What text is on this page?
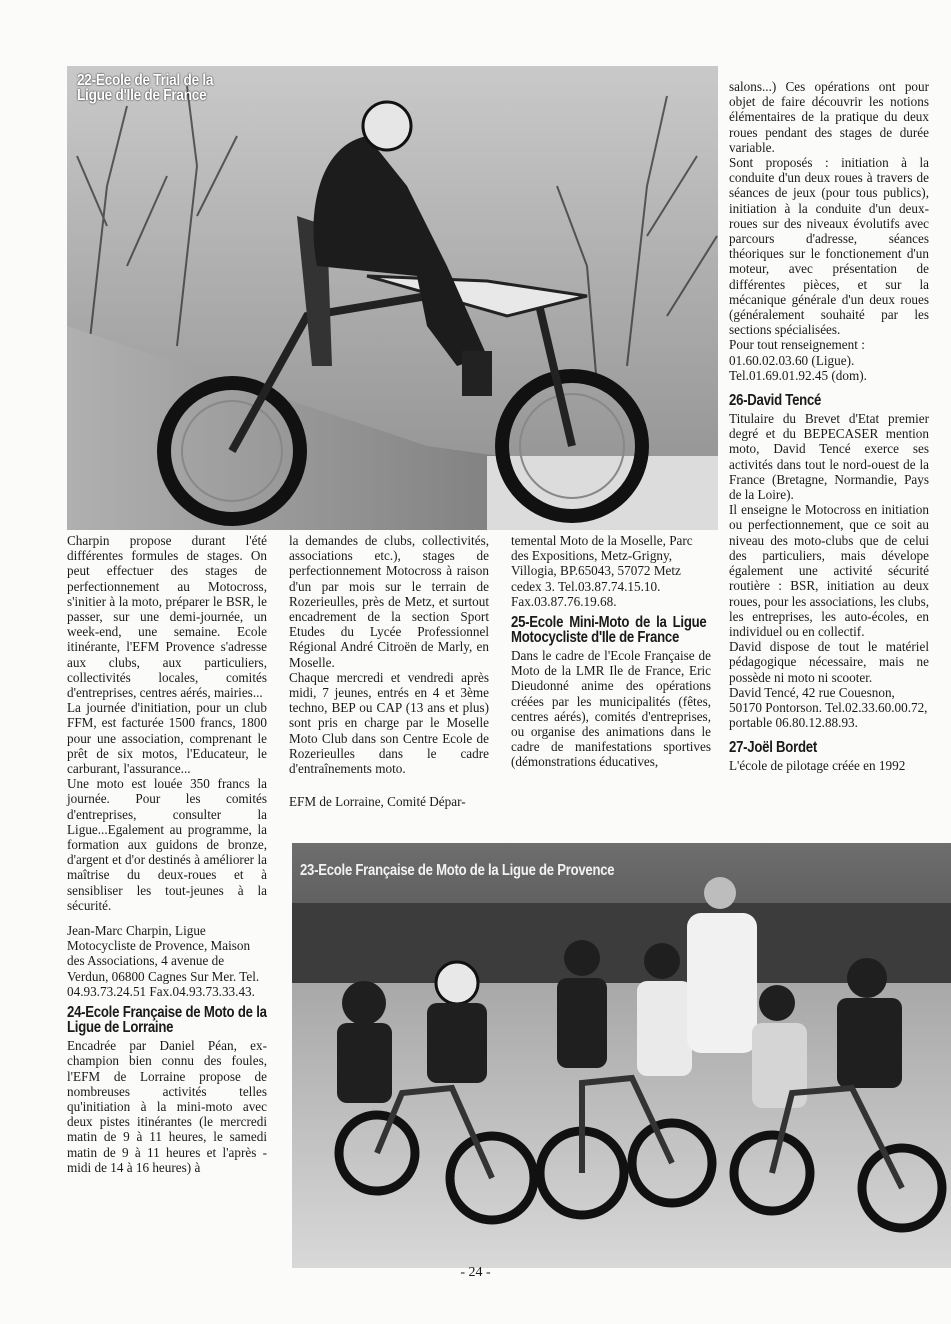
22-Ecole de Trial de la Ligue d'Ile de France
23-Ecole Française de Moto de la Ligue de Provence

Charpin propose durant l'été différentes formules de stages. On peut effectuer des stages de perfectionnement au Motocross, s'initier à la moto, préparer le BSR, le passer, sur une demi-journée, un week-end, une semaine. Ecole itinérante, l'EFM Provence s'adresse aux clubs, aux particuliers, collectivités locales, comités d'entreprises, centres aérés, mairies...

La journée d'initiation, pour un club FFM, est facturée 1500 francs, 1800 pour une association, comprenant le prêt de six motos, l'Educateur, le carburant, l'assurance...

Une moto est louée 350 francs la journée. Pour les comités d'entreprises, consulter la Ligue...Egalement au programme, la formation aux guidons de bronze, d'argent et d'or destinés à améliorer la maîtrise du deux-roues et à sensibliser les tout-jeunes à la sécurité.

Jean-Marc Charpin, Ligue Motocycliste de Provence, Maison des Associations, 4 avenue de Verdun, 06800 Cagnes Sur Mer. Tel. 04.93.73.24.51 Fax.04.93.73.33.43.

24-Ecole Française de Moto de la Ligue de Lorraine

Encadrée par Daniel Péan, ex-champion bien connu des foules, l'EFM de Lorraine propose de nombreuses activités telles qu'initiation à la mini-moto avec deux pistes itinérantes (le mercredi matin de 9 à 11 heures, le samedi matin de 9 à 11 heures et l'après -midi de 14 à 16 heures) à

la demandes de clubs, collectivités, associations etc.), stages de perfectionnement Motocross à raison d'un par mois sur le terrain de Rozerieulles, près de Metz, et surtout encadrement de la section Sport Etudes du Lycée Professionnel Régional André Citroën de Marly, en Moselle.

Chaque mercredi et vendredi après midi, 7 jeunes, entrés en 4 et 3ème techno, BEP ou CAP (13 ans et plus) sont pris en charge par le Moselle Moto Club dans son Centre Ecole de Rozerieulles dans le cadre d'entraînements moto.

EFM de Lorraine, Comité Dépar-

temental Moto de la Moselle, Parc des Expositions, Metz-Grigny, Villogia, BP.65043, 57072 Metz cedex 3. Tel.03.87.74.15.10. Fax.03.87.76.19.68.

25-Ecole Mini-Moto de la Ligue Motocycliste d'Ile de France

Dans le cadre de l'Ecole Française de Moto de la LMR Ile de France, Eric Dieudonné anime des opérations créées par les municipalités (fêtes, centres aérés), comités d'entreprises, ou organise des animations dans le cadre de manifestations sportives (démonstrations éducatives,

salons...) Ces opérations ont pour objet de faire découvrir les notions élémentaires de la pratique du deux roues pendant des stages de durée variable.

Sont proposés : initiation à la conduite d'un deux roues à travers de séances de jeux (pour tous publics), initiation à la conduite d'un deux-roues sur des niveaux évolutifs avec parcours d'adresse, séances théoriques sur le fonctionement d'un moteur, avec présentation de différentes pièces, et sur la mécanique générale d'un deux roues (généralement souhaité par les sections spécialisées.

Pour tout renseignement : 01.60.02.03.60 (Ligue). Tel.01.69.01.92.45 (dom).

26-David Tencé

Titulaire du Brevet d'Etat premier degré et du BEPECASER mention moto, David Tencé exerce ses activités dans tout le nord-ouest de la France (Bretagne, Normandie, Pays de la Loire).

Il enseigne le Motocross en initiation ou perfectionnement, que ce soit au niveau des moto-clubs que de celui des particuliers, mais dévelope également une activité sécurité routière : BSR, initiation au deux roues, pour les associations, les clubs, les entreprises, les auto-écoles, en individuel ou en collectif.

David dispose de tout le matériel pédagogique nécessaire, mais ne possède ni moto ni scooter.

David Tencé, 42 rue Couesnon, 50170 Pontorson. Tel.02.33.60.00.72, portable 06.80.12.88.93.

27-Joël Bordet

L'école de pilotage créée en 1992

- 24 -
